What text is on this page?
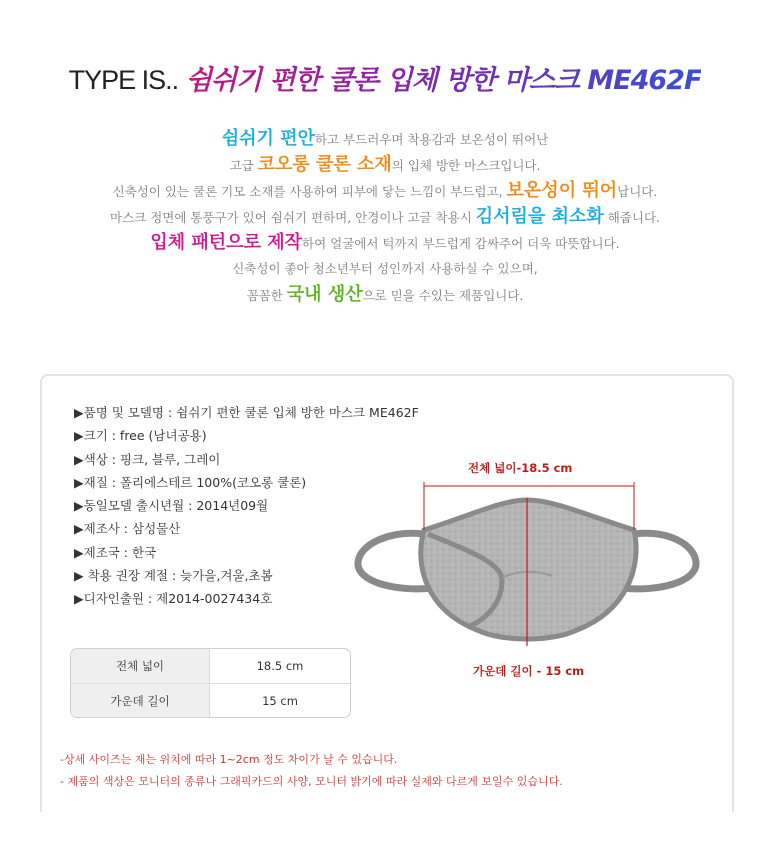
TYPE IS.. 쉼쉬기 편한 쿨론 입체 방한 마스크 ME462F
쉼쉬기 편안하고 부드러우며 착용감과 보온성이 뛰어난
고급 코오롱 쿨론 소재의 입체 방한 마스크입니다.
신축성이 있는 쿨론 기모 소재를 사용하여 피부에 닿는 느낌이 부드럽고, 보온성이 뛰어납니다.
마스크 정면에 통풍구가 있어 쉼쉬기 편하며, 안경이나 고글 착용시 김서림을 최소화 해줍니다.
입체 패턴으로 제작하여 얼굴에서 턱까지 부드럽게 감싸주어 더욱 따뜻합니다.
신축성이 좋아 청소년부터 성인까지 사용하실 수 있으며,
꼼꼼한 국내 생산으로 믿을 수있는 제품입니다.
▶품명 및 모델명 : 쉼쉬기 편한 쿨론 입체 방한 마스크 ME462F
▶크기 : free (남녀공용)
▶색상 : 핑크, 블루, 그레이
▶재질 : 폴리에스테르 100%(코오롱 쿨론)
▶동일모델 출시년월 : 2014년09월
▶제조사 : 삼성물산
▶제조국 : 한국
▶ 착용 권장 계절 : 늦가을,겨울,초봄
▶디자인출원 : 제2014-0027434호
전체 넓이	18.5 cm
가운데 길이	15 cm
전체 넓이-18.5 cm
가운데 길이 - 15 cm
-상세 사이즈는 재는 위치에 따라 1~2cm 정도 차이가 날 수 있습니다.
- 제품의 색상은 모니터의 종류나 그래픽카드의 사양, 모니터 밝기에 따라 실제와 다르게 보일수 있습니다.
